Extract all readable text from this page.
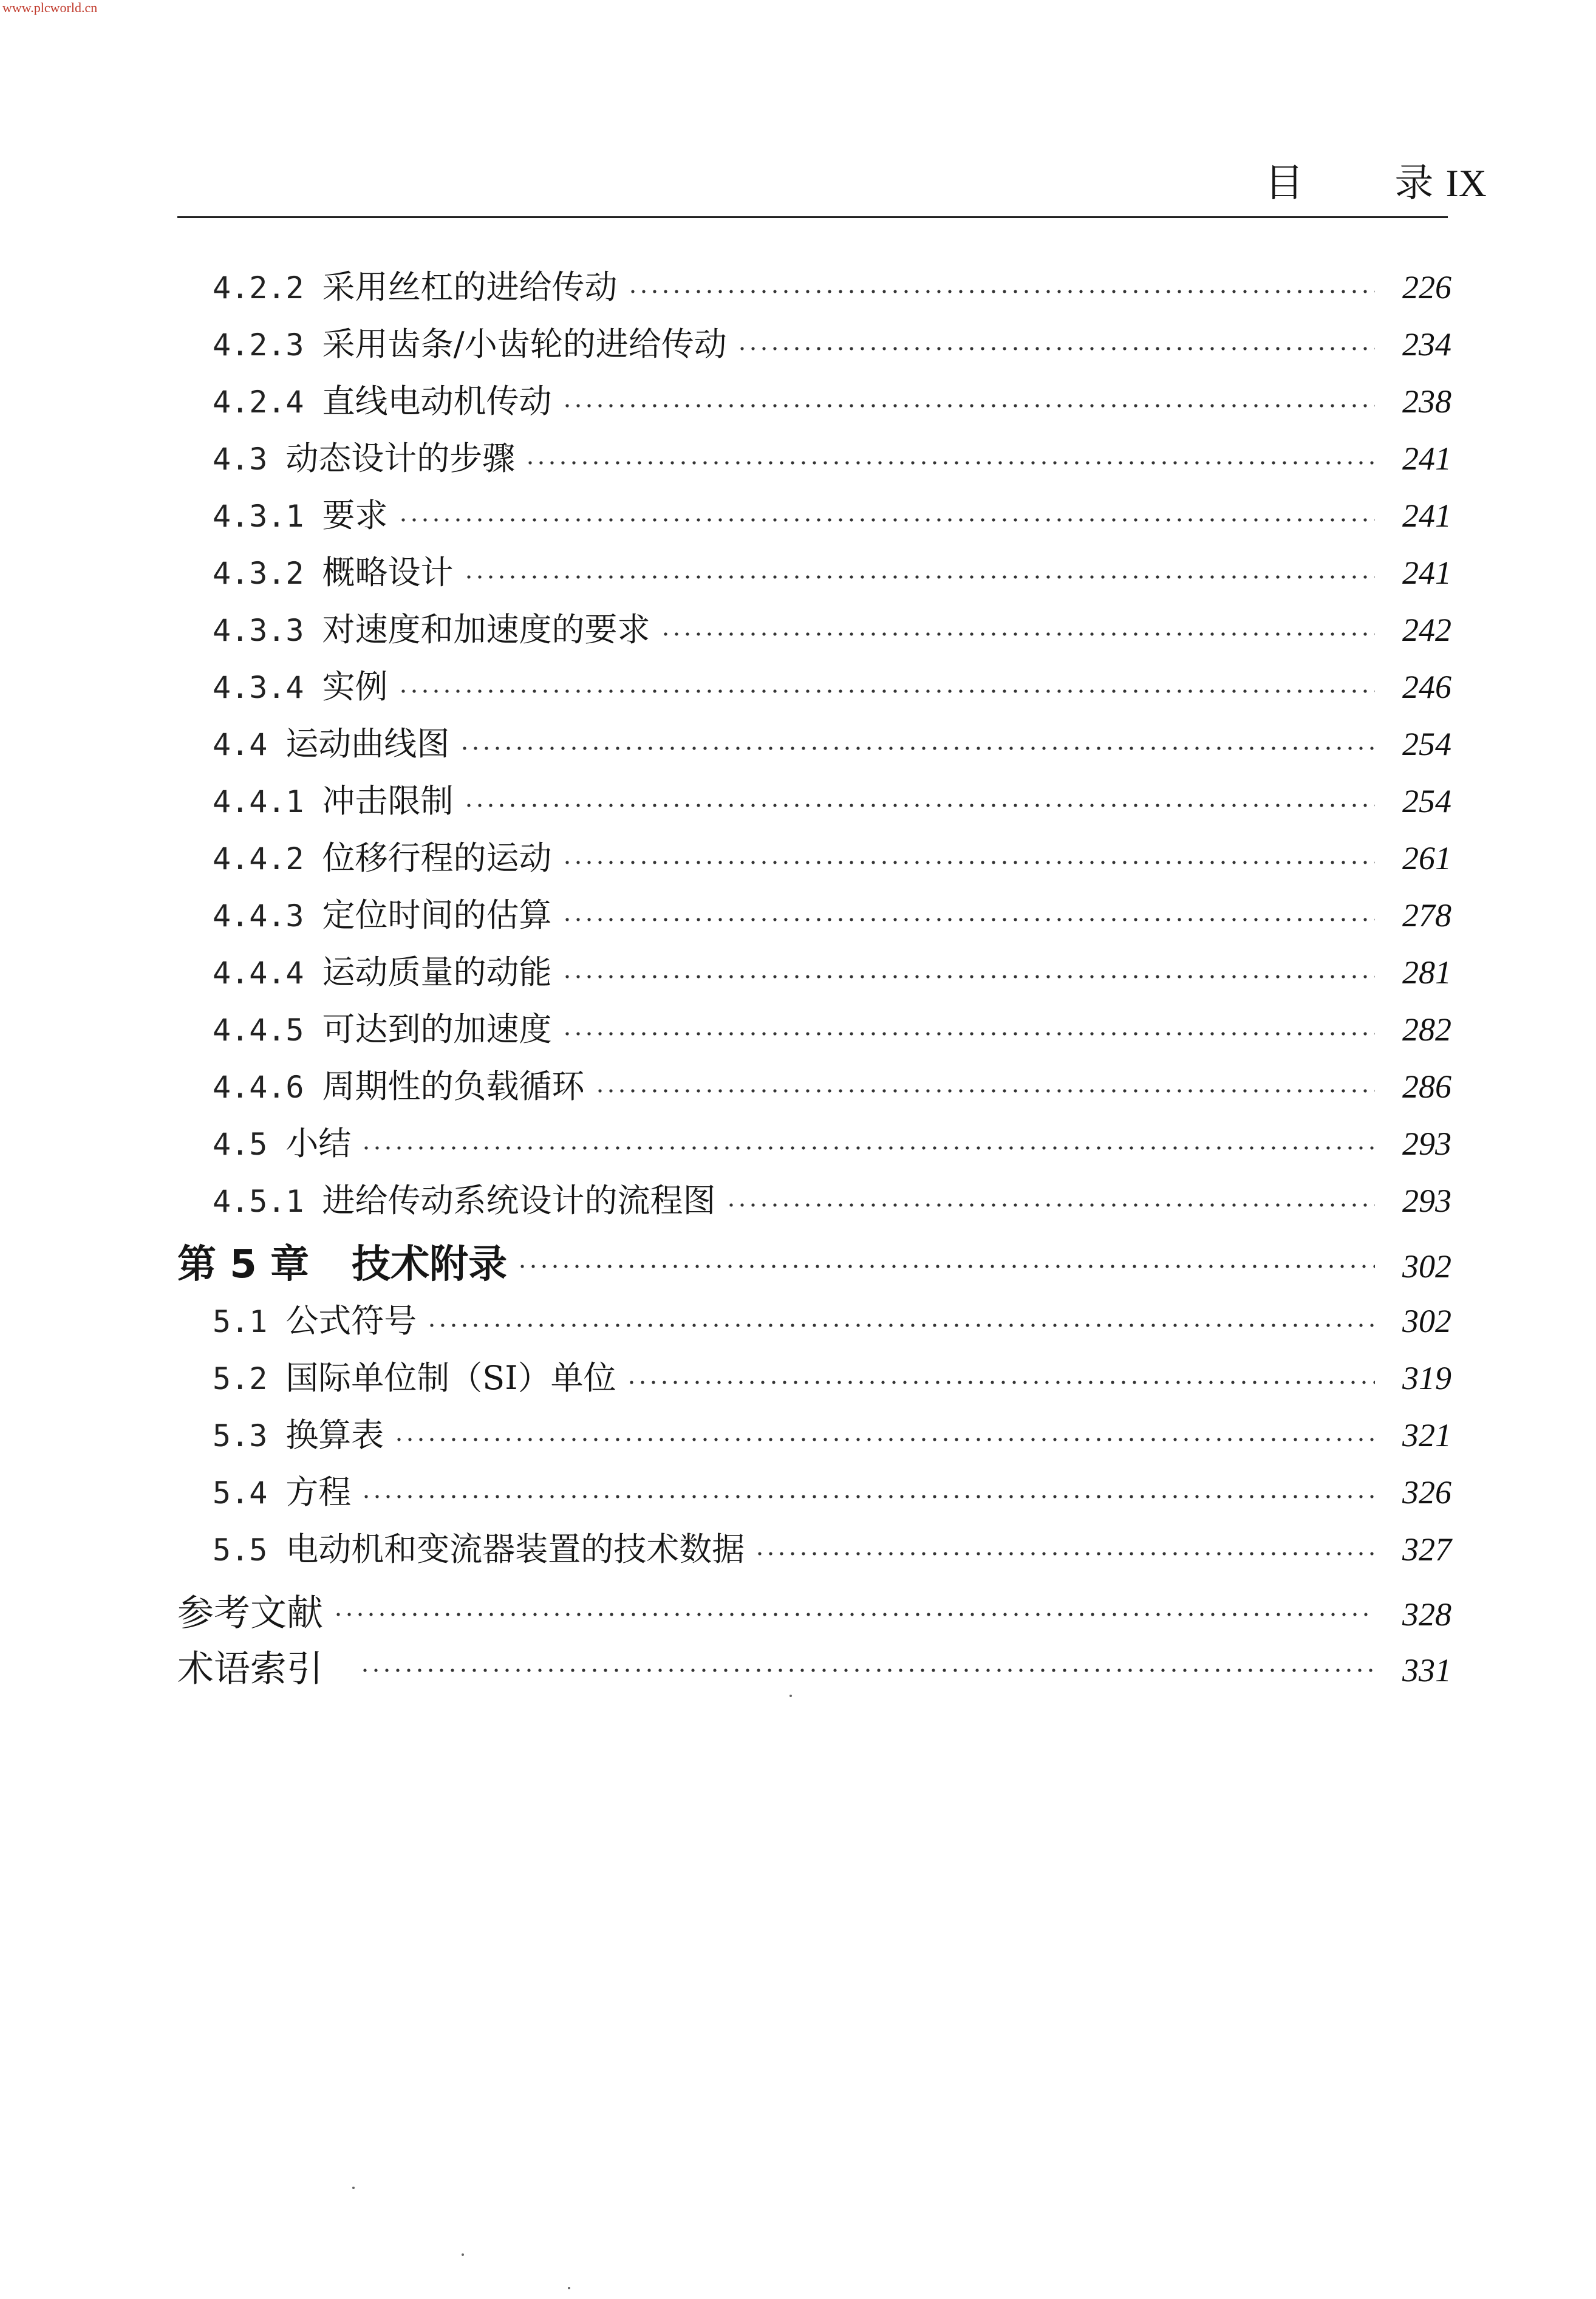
www.plcworld.cn
目 录 IX
4.2.2 采用丝杠的进给传动	226
4.2.3 采用齿条/小齿轮的进给传动	234
4.2.4 直线电动机传动	238
4.3 动态设计的步骤	241
4.3.1 要求	241
4.3.2 概略设计	241
4.3.3 对速度和加速度的要求	242
4.3.4 实例	246
4.4 运动曲线图	254
4.4.1 冲击限制	254
4.4.2 位移行程的运动	261
4.4.3 定位时间的估算	278
4.4.4 运动质量的动能	281
4.4.5 可达到的加速度	282
4.4.6 周期性的负载循环	286
4.5 小结	293
4.5.1 进给传动系统设计的流程图	293
第 5 章 技术附录	302
5.1 公式符号	302
5.2 国际单位制（SI）单位	319
5.3 换算表	321
5.4 方程	326
5.5 电动机和变流器装置的技术数据	327
参考文献	328
术语索引	331
